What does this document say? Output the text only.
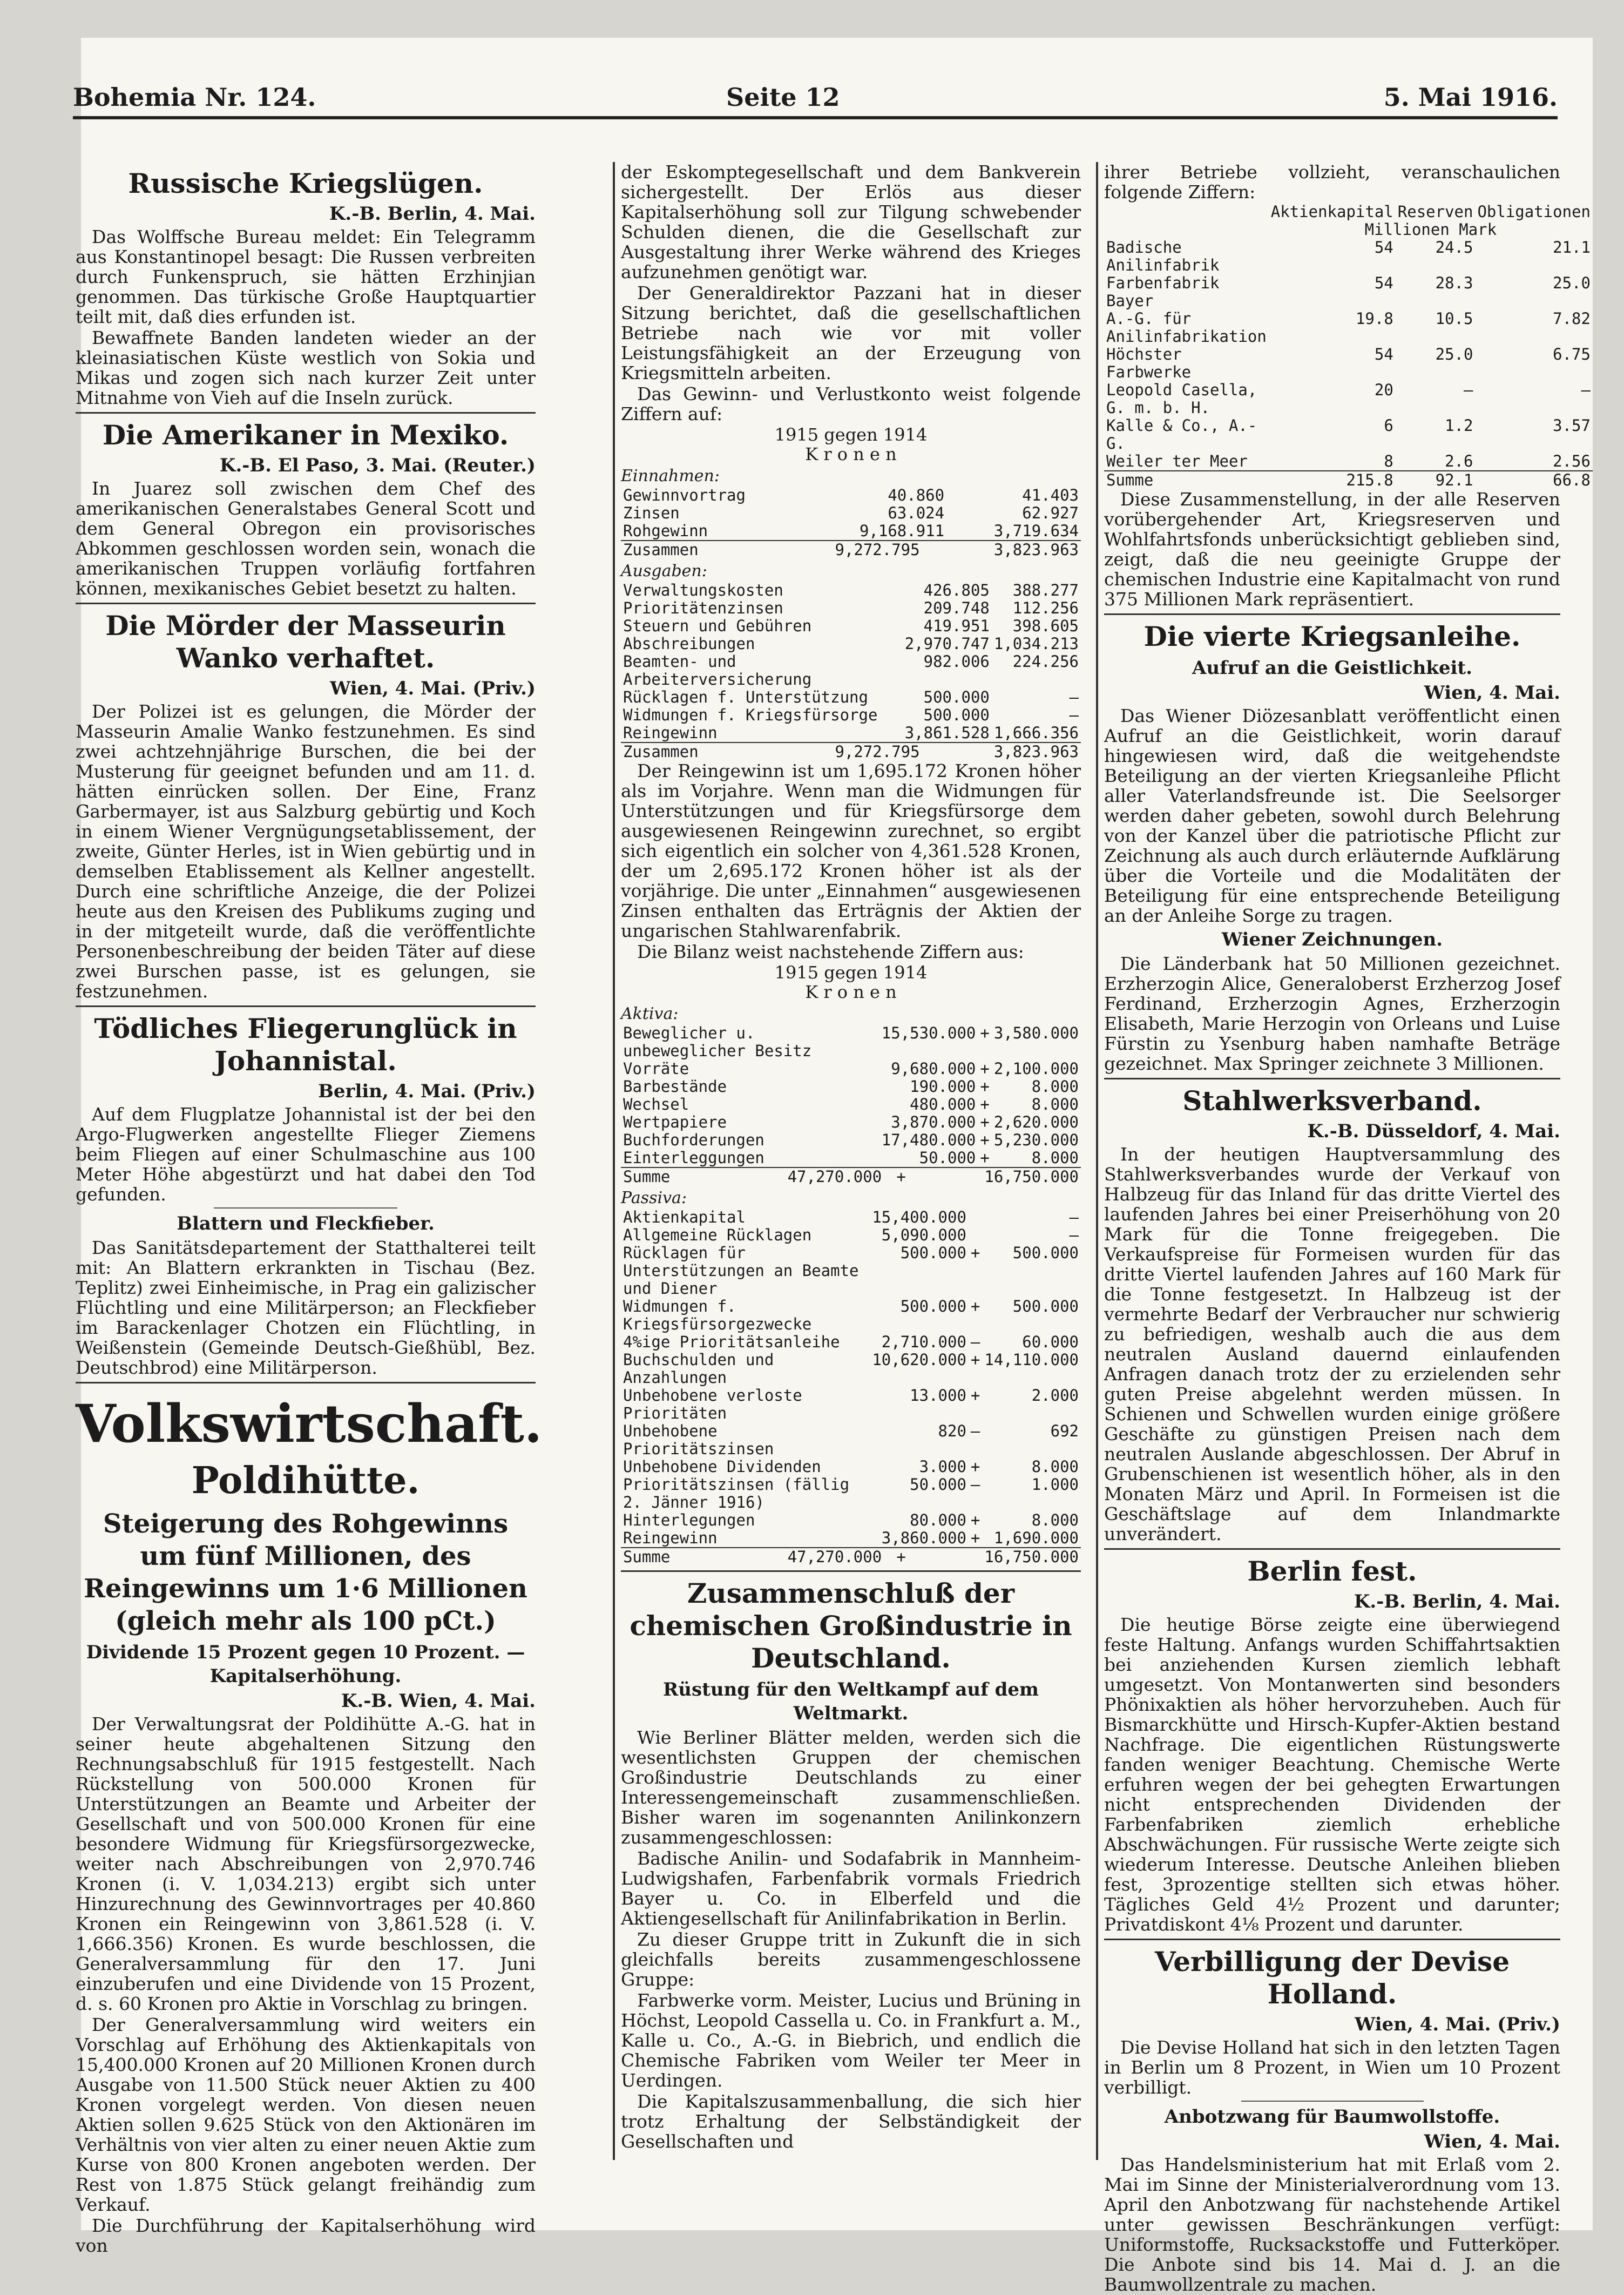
Bohemia Nr. 124.	Seite 12	5. Mai 1916.
Russische Kriegslügen.
K.-B. Berlin, 4. Mai.

Das Wolffsche Bureau meldet: Ein Telegramm aus Konstantinopel besagt: Die Russen verbreiten durch Funkenspruch, sie hätten Erzhinjian genommen. Das türkische Große Hauptquartier teilt mit, daß dies erfunden ist.

Bewaffnete Banden landeten wieder an der kleinasiatischen Küste westlich von Sokia und Mikas und zogen sich nach kurzer Zeit unter Mitnahme von Vieh auf die Inseln zurück.

Die Amerikaner in Mexiko.
K.-B. El Paso, 3. Mai. (Reuter.)

In Juarez soll zwischen dem Chef des amerikanischen Generalstabes General Scott und dem General Obregon ein provisorisches Abkommen geschlossen worden sein, wonach die amerikanischen Truppen vorläufig fortfahren können, mexikanisches Gebiet besetzt zu halten.

Die Mörder der Masseurin Wanko verhaftet.
Wien, 4. Mai. (Priv.)

Der Polizei ist es gelungen, die Mörder der Masseurin Amalie Wanko festzunehmen. Es sind zwei achtzehnjährige Burschen, die bei der Musterung für geeignet befunden und am 11. d. hätten einrücken sollen. Der Eine, Franz Garbermayer, ist aus Salzburg gebürtig und Koch in einem Wiener Vergnügungsetablissement, der zweite, Günter Herles, ist in Wien gebürtig und in demselben Etablissement als Kellner angestellt. Durch eine schriftliche Anzeige, die der Polizei heute aus den Kreisen des Publikums zuging und in der mitgeteilt wurde, daß die veröffentlichte Personenbeschreibung der beiden Täter auf diese zwei Burschen passe, ist es gelungen, sie festzunehmen.

Tödliches Fliegerunglück in Johannistal.
Berlin, 4. Mai. (Priv.)

Auf dem Flugplatze Johannistal ist der bei den Argo-Flugwerken angestellte Flieger Ziemens beim Fliegen auf einer Schulmaschine aus 100 Meter Höhe abgestürzt und hat dabei den Tod gefunden.

Blattern und Fleckfieber.

Das Sanitätsdepartement der Statthalterei teilt mit: An Blattern erkrankten in Tischau (Bez. Teplitz) zwei Einheimische, in Prag ein galizischer Flüchtling und eine Militärperson; an Fleckfieber im Barackenlager Chotzen ein Flüchtling, in Weißenstein (Gemeinde Deutsch-Gießhübl, Bez. Deutschbrod) eine Militärperson.

Volkswirtschaft.
Poldihütte.
Steigerung des Rohgewinns um fünf Millionen, des Reingewinns um 1·6 Millionen (gleich mehr als 100 pCt.)
Dividende 15 Prozent gegen 10 Prozent. — Kapitalserhöhung.
K.-B. Wien, 4. Mai.

Der Verwaltungsrat der Poldihütte A.-G. hat in seiner heute abgehaltenen Sitzung den Rechnungsabschluß für 1915 festgestellt. Nach Rückstellung von 500.000 Kronen für Unterstützungen an Beamte und Arbeiter der Gesellschaft und von 500.000 Kronen für eine besondere Widmung für Kriegsfürsorgezwecke, weiter nach Abschreibungen von 2,970.746 Kronen (i. V. 1,034.213) ergibt sich unter Hinzurechnung des Gewinnvortrages per 40.860 Kronen ein Reingewinn von 3,861.528 (i. V. 1,666.356) Kronen. Es wurde beschlossen, die Generalversammlung für den 17. Juni einzuberufen und eine Dividende von 15 Prozent, d. s. 60 Kronen pro Aktie in Vorschlag zu bringen.

Der Generalversammlung wird weiters ein Vorschlag auf Erhöhung des Aktienkapitals von 15,400.000 Kronen auf 20 Millionen Kronen durch Ausgabe von 11.500 Stück neuer Aktien zu 400 Kronen vorgelegt werden. Von diesen neuen Aktien sollen 9.625 Stück von den Aktionären im Verhältnis von vier alten zu einer neuen Aktie zum Kurse von 800 Kronen angeboten werden. Der Rest von 1.875 Stück gelangt freihändig zum Verkauf.

Die Durchführung der Kapitalserhöhung wird von

der Eskomptegesellschaft und dem Bankverein sichergestellt. Der Erlös aus dieser Kapitalserhöhung soll zur Tilgung schwebender Schulden dienen, die die Gesellschaft zur Ausgestaltung ihrer Werke während des Krieges aufzunehmen genötigt war.

Der Generaldirektor Pazzani hat in dieser Sitzung berichtet, daß die gesellschaftlichen Betriebe nach wie vor mit voller Leistungsfähigkeit an der Erzeugung von Kriegsmitteln arbeiten.

Das Gewinn- und Verlustkonto weist folgende Ziffern auf:

1915 gegen 1914
K r o n e n
Einnahmen:
Gewinnvortrag	40.860	41.403
Zinsen	63.024	62.927
Rohgewinn	9,168.911	3,719.634
Zusammen	9,272.795	3,823.963
Ausgaben:
Verwaltungskosten	426.805	388.277
Prioritätenzinsen	209.748	112.256
Steuern und Gebühren	419.951	398.605
Abschreibungen	2,970.747	1,034.213
Beamten- und Arbeiterversicherung	982.006	224.256
Rücklagen f. Unterstützung	500.000	—
Widmungen f. Kriegsfürsorge	500.000	—
Reingewinn	3,861.528	1,666.356
Zusammen	9,272.795	3,823.963

Der Reingewinn ist um 1,695.172 Kronen höher als im Vorjahre. Wenn man die Widmungen für Unterstützungen und für Kriegsfürsorge dem ausgewiesenen Reingewinn zurechnet, so ergibt sich eigentlich ein solcher von 4,361.528 Kronen, der um 2,695.172 Kronen höher ist als der vorjährige. Die unter „Einnahmen“ ausgewiesenen Zinsen enthalten das Erträgnis der Aktien der ungarischen Stahlwarenfabrik.

Die Bilanz weist nachstehende Ziffern aus:

1915 gegen 1914
K r o n e n
Aktiva:
Beweglicher u. unbeweglicher Besitz	15,530.000	+	3,580.000
Vorräte	9,680.000	+	2,100.000
Barbestände	190.000	+	8.000
Wechsel	480.000	+	8.000
Wertpapiere	3,870.000	+	2,620.000
Buchforderungen	17,480.000	+	5,230.000
Einterleggungen	50.000	+	8.000
Summe	47,270.000	+	16,750.000
Passiva:
Aktienkapital	15,400.000		—
Allgemeine Rücklagen	5,090.000		—
Rücklagen für Unterstützungen an Beamte und Diener	500.000	+	500.000
Widmungen f. Kriegsfürsorgezwecke	500.000	+	500.000
4%ige Prioritätsanleihe	2,710.000	—	60.000
Buchschulden und Anzahlungen	10,620.000	+	14,110.000
Unbehobene verloste Prioritäten	13.000	+	2.000
Unbehobene Prioritätszinsen	820	—	692
Unbehobene Dividenden	3.000	+	8.000
Prioritätszinsen (fällig 2. Jänner 1916)	50.000	—	1.000
Hinterlegungen	80.000	+	8.000
Reingewinn	3,860.000	+	1,690.000
Summe	47,270.000	+	16,750.000
Zusammenschluß der chemischen Großindustrie in Deutschland.
Rüstung für den Weltkampf auf dem Weltmarkt.

Wie Berliner Blätter melden, werden sich die wesentlichsten Gruppen der chemischen Großindustrie Deutschlands zu einer Interessengemeinschaft zusammenschließen. Bisher waren im sogenannten Anilinkonzern zusammengeschlossen:

Badische Anilin- und Sodafabrik in Mannheim-Ludwigshafen, Farbenfabrik vormals Friedrich Bayer u. Co. in Elberfeld und die Aktiengesellschaft für Anilinfabrikation in Berlin.

Zu dieser Gruppe tritt in Zukunft die in sich gleichfalls bereits zusammengeschlossene Gruppe:

Farbwerke vorm. Meister, Lucius und Brüning in Höchst, Leopold Cassella u. Co. in Frankfurt a. M., Kalle u. Co., A.-G. in Biebrich, und endlich die Chemische Fabriken vom Weiler ter Meer in Uerdingen.

Die Kapitalszusammenballung, die sich hier trotz Erhaltung der Selbständigkeit der Gesellschaften und

ihrer Betriebe vollzieht, veranschaulichen folgende Ziffern:

	Aktienkapital	Reserven	Obligationen
	Millionen Mark		
Badische Anilinfabrik	54	24.5	21.1
Farbenfabrik Bayer	54	28.3	25.0
A.-G. für Anilinfabrikation	19.8	10.5	7.82
Höchster Farbwerke	54	25.0	6.75
Leopold Casella, G. m. b. H.	20	—	—
Kalle & Co., A.-G.	6	1.2	3.57
Weiler ter Meer	8	2.6	2.56
Summe	215.8	92.1	66.8

Diese Zusammenstellung, in der alle Reserven vorübergehender Art, Kriegsreserven und Wohlfahrtsfonds unberücksichtigt geblieben sind, zeigt, daß die neu geeinigte Gruppe der chemischen Industrie eine Kapitalmacht von rund 375 Millionen Mark repräsentiert.

Die vierte Kriegsanleihe.
Aufruf an die Geistlichkeit.
Wien, 4. Mai.

Das Wiener Diözesanblatt veröffentlicht einen Aufruf an die Geistlichkeit, worin darauf hingewiesen wird, daß die weitgehendste Beteiligung an der vierten Kriegsanleihe Pflicht aller Vaterlandsfreunde ist. Die Seelsorger werden daher gebeten, sowohl durch Belehrung von der Kanzel über die patriotische Pflicht zur Zeichnung als auch durch erläuternde Aufklärung über die Vorteile und die Modalitäten der Beteiligung für eine entsprechende Beteiligung an der Anleihe Sorge zu tragen.

Wiener Zeichnungen.

Die Länderbank hat 50 Millionen gezeichnet. Erzherzogin Alice, Generaloberst Erzherzog Josef Ferdinand, Erzherzogin Agnes, Erzherzogin Elisabeth, Marie Herzogin von Orleans und Luise Fürstin zu Ysenburg haben namhafte Beträge gezeichnet. Max Springer zeichnete 3 Millionen.

Stahlwerksverband.
K.-B. Düsseldorf, 4. Mai.

In der heutigen Hauptversammlung des Stahlwerksverbandes wurde der Verkauf von Halbzeug für das Inland für das dritte Viertel des laufenden Jahres bei einer Preiserhöhung von 20 Mark für die Tonne freigegeben. Die Verkaufspreise für Formeisen wurden für das dritte Viertel laufenden Jahres auf 160 Mark für die Tonne festgesetzt. In Halbzeug ist der vermehrte Bedarf der Verbraucher nur schwierig zu befriedigen, weshalb auch die aus dem neutralen Ausland dauernd einlaufenden Anfragen danach trotz der zu erzielenden sehr guten Preise abgelehnt werden müssen. In Schienen und Schwellen wurden einige größere Geschäfte zu günstigen Preisen nach dem neutralen Auslande abgeschlossen. Der Abruf in Grubenschienen ist wesentlich höher, als in den Monaten März und April. In Formeisen ist die Geschäftslage auf dem Inlandmarkte unverändert.

Berlin fest.
K.-B. Berlin, 4. Mai.

Die heutige Börse zeigte eine überwiegend feste Haltung. Anfangs wurden Schiffahrtsaktien bei anziehenden Kursen ziemlich lebhaft umgesetzt. Von Montanwerten sind besonders Phönixaktien als höher hervorzuheben. Auch für Bismarckhütte und Hirsch-Kupfer-Aktien bestand Nachfrage. Die eigentlichen Rüstungswerte fanden weniger Beachtung. Chemische Werte erfuhren wegen der bei gehegten Erwartungen nicht entsprechenden Dividenden der Farbenfabriken ziemlich erhebliche Abschwächungen. Für russische Werte zeigte sich wiederum Interesse. Deutsche Anleihen blieben fest, 3prozentige stellten sich etwas höher. Tägliches Geld 4½ Prozent und darunter; Privatdiskont 4⅛ Prozent und darunter.

Verbilligung der Devise Holland.
Wien, 4. Mai. (Priv.)

Die Devise Holland hat sich in den letzten Tagen in Berlin um 8 Prozent, in Wien um 10 Prozent verbilligt.

Anbotzwang für Baumwollstoffe.
Wien, 4. Mai.

Das Handelsministerium hat mit Erlaß vom 2. Mai im Sinne der Ministerialverordnung vom 13. April den Anbotzwang für nachstehende Artikel unter gewissen Beschränkungen verfügt: Uniformstoffe, Rucksackstoffe und Futterköper. Die Anbote sind bis 14. Mai d. J. an die Baumwollzentrale zu machen.
